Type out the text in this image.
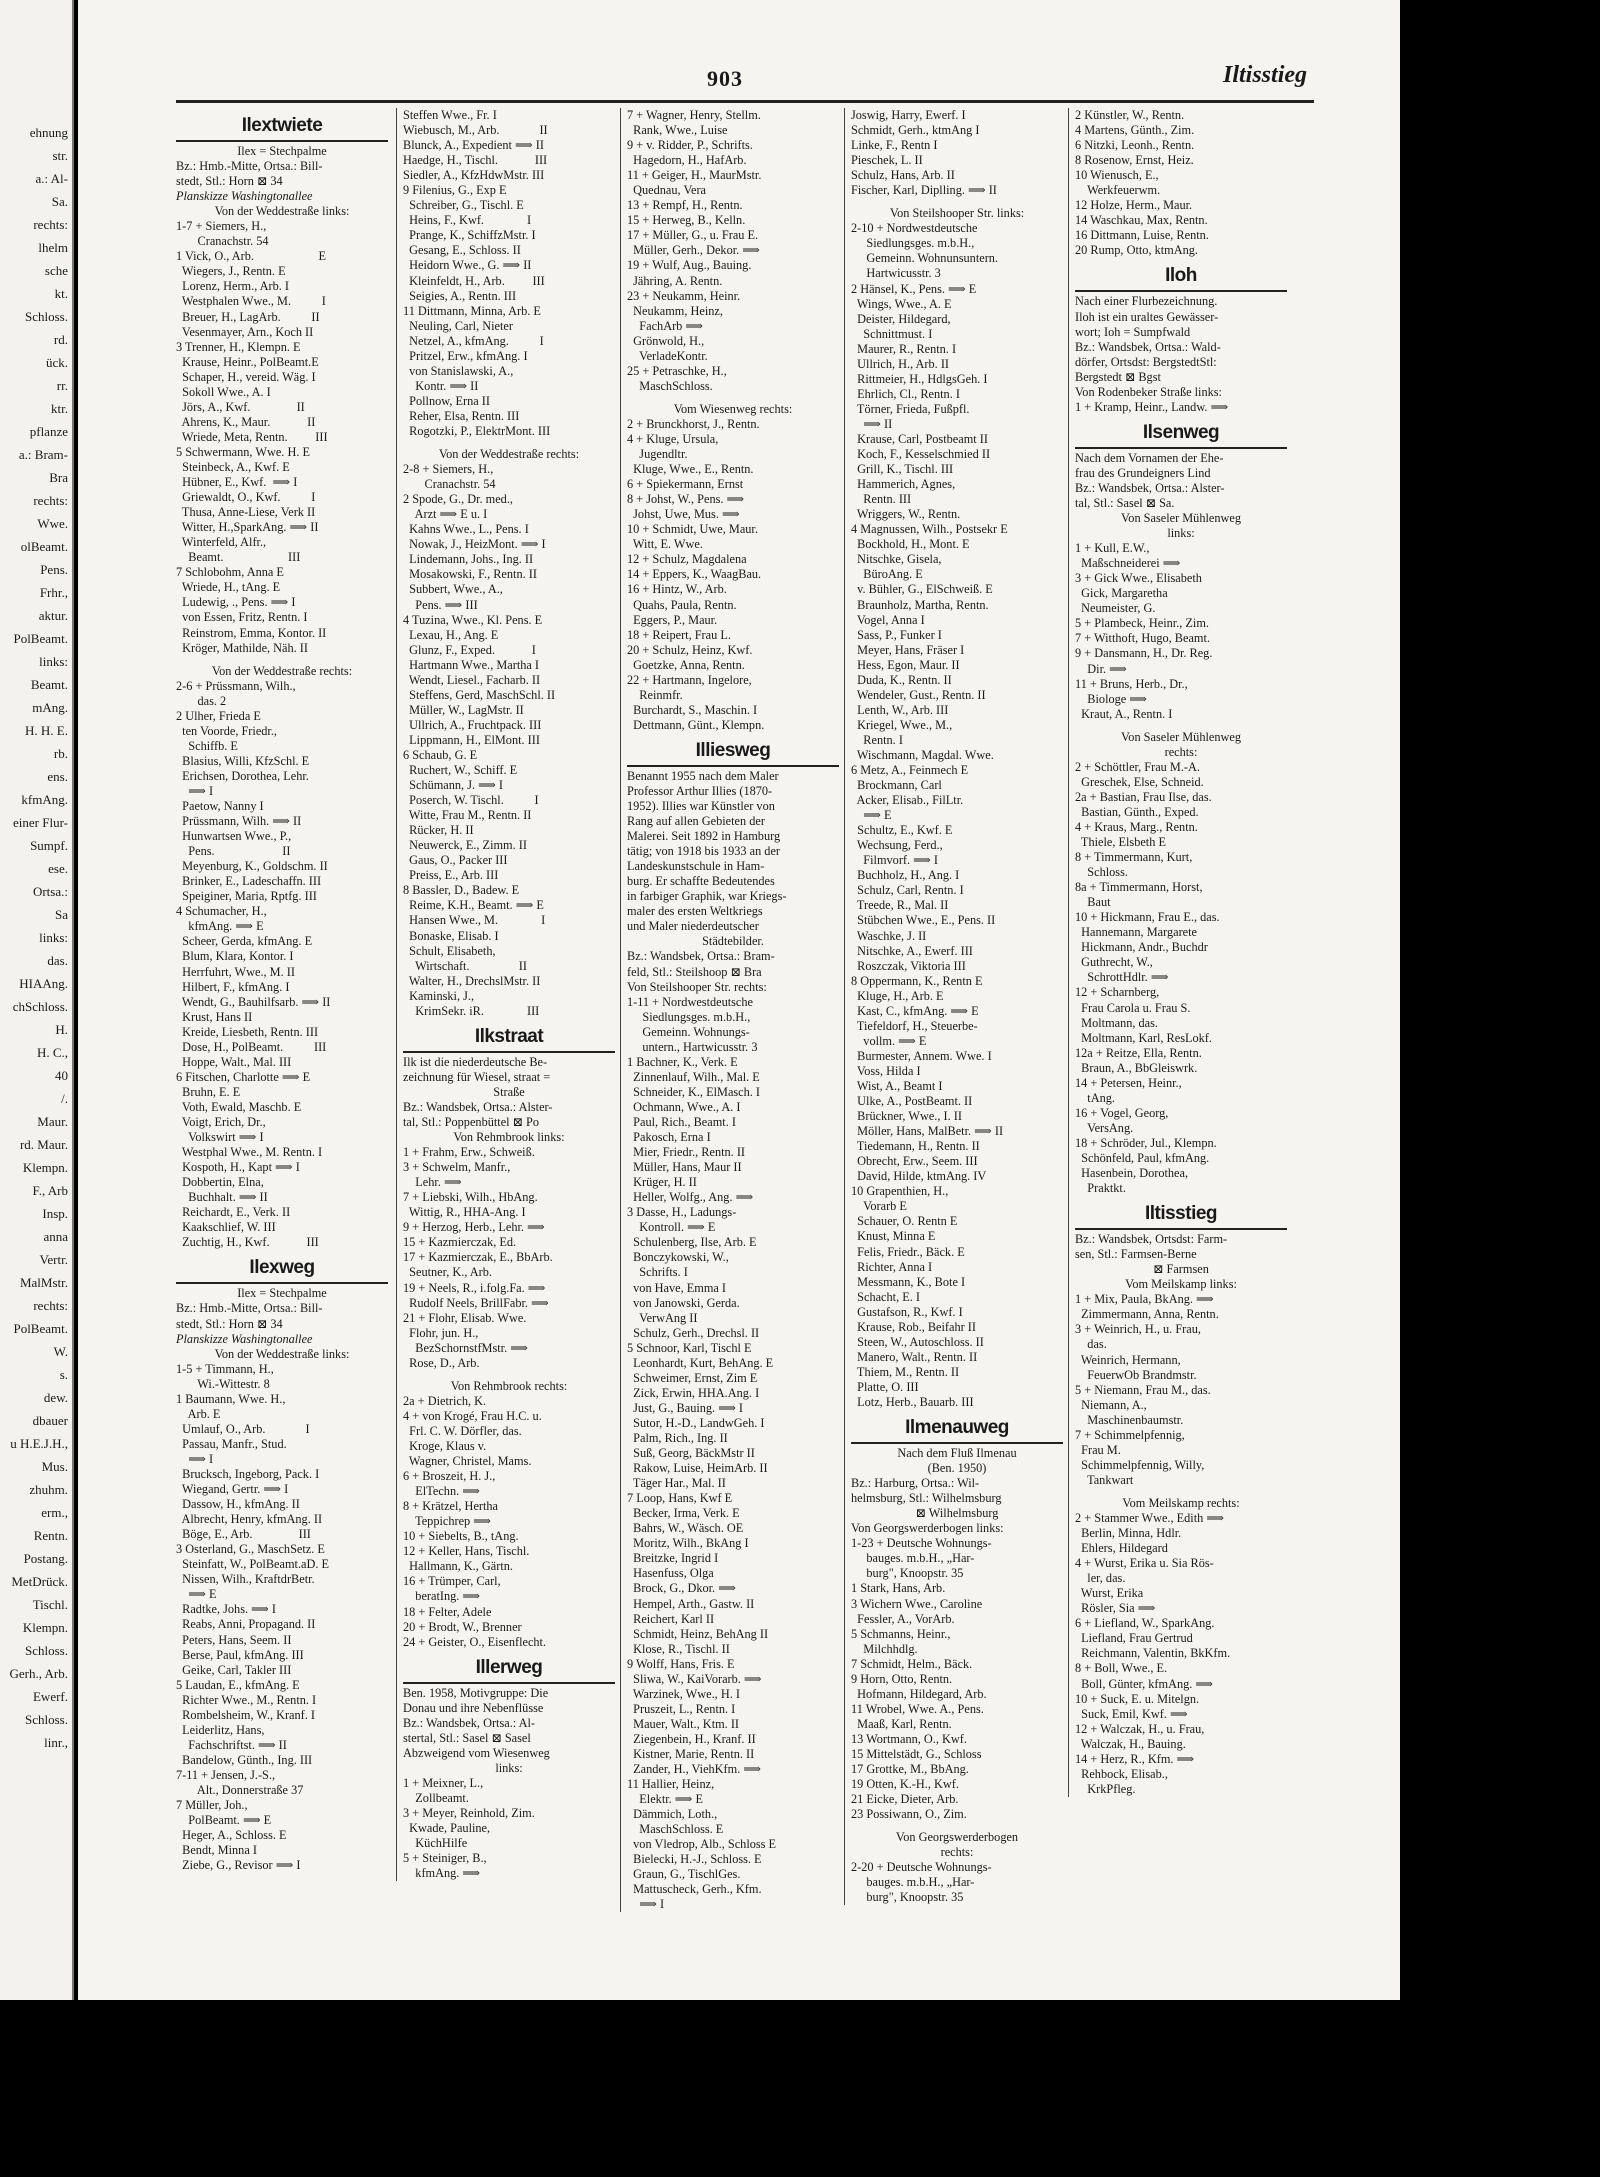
ehnung
str.
a.: Al-
Sa.
rechts:
lhelm
sche
kt.
Schloss.
rd.
ück.
rr.
ktr.
pflanze
a.: Bram-
Bra
rechts:
Wwe.
olBeamt.
Pens.
Frhr.,
aktur.
PolBeamt.
links:
Beamt.
mAng.
H. H. E.
rb.
ens.
kfmAng.
einer Flur-
Sumpf.
ese.
Ortsa.:
Sa
links:
das.
HIAAng.
chSchloss.
H.
H. C.,
40
/.
Maur.
rd. Maur.
Klempn.
F., Arb
Insp.
anna
Vertr.
MalMstr.
rechts:
PolBeamt.
W.
s.
dew.
dbauer
u H.E.J.H.,
Mus.
zhuhm.
erm.,
Rentn.
Postang.
MetDrück.
Tischl.
Klempn.
Schloss.
Gerh., Arb.
Ewerf.
Schloss.
linr.,
903	Iltisstieg
Ilextwiete
Ilex = Stechpalme
Bz.: Hmb.-Mitte, Ortsa.: Bill-
stedt, Stl.: Horn ⊠ 34
Planskizze Washingtonallee
Von der Weddestraße links:
1-7 + Siemers, H.,
Cranachstr. 54
1 Vick, O., Arb.                     E
Wiegers, J., Rentn. E
Lorenz, Herm., Arb. I
Westphalen Wwe., M.          I
Breuer, H., LagArb.          II
Vesenmayer, Arn., Koch II
3 Trenner, H., Klempn. E
Krause, Heinr., PolBeamt.E
Schaper, H., vereid. Wäg. I
Sokoll Wwe., A. I
Jörs, A., Kwf.               II
Ahrens, K., Maur.            II
Wriede, Meta, Rentn.         III
5 Schwermann, Wwe. H. E
Steinbeck, A., Kwf. E
Hübner, E., Kwf.  ⟹ I
Griewaldt, O., Kwf.          I
Thusa, Anne-Liese, Verk II
Witter, H.,SparkAng. ⟹ II
Winterfeld, Alfr.,
Beamt.                     III
7 Schlobohm, Anna E
Wriede, H., tAng. E
Ludewig, ., Pens. ⟹ I
von Essen, Fritz, Rentn. I
Reinstrom, Emma, Kontor. II
Kröger, Mathilde, Näh. II
Von der Weddestraße rechts:
2-6 + Prüssmann, Wilh.,
das. 2
2 Ulher, Frieda E
ten Voorde, Friedr.,
Schiffb. E
Blasius, Willi, KfzSchl. E
Erichsen, Dorothea, Lehr.
⟹ I
Paetow, Nanny I
Prüssmann, Wilh. ⟹ II
Hunwartsen Wwe., P.,
Pens.                      II
Meyenburg, K., Goldschm. II
Brinker, E., Ladeschaffn. III
Speiginer, Maria, Rptfg. III
4 Schumacher, H.,
kfmAng. ⟹ E
Scheer, Gerda, kfmAng. E
Blum, Klara, Kontor. I
Herrfuhrt, Wwe., M. II
Hilbert, F., kfmAng. I
Wendt, G., Bauhilfsarb. ⟹ II
Krust, Hans II
Kreide, Liesbeth, Rentn. III
Dose, H., PolBeamt.          III
Hoppe, Walt., Mal. III
6 Fitschen, Charlotte ⟹ E
Bruhn, E. E
Voth, Ewald, Maschb. E
Voigt, Erich, Dr.,
Volkswirt ⟹ I
Westphal Wwe., M. Rentn. I
Kospoth, H., Kapt ⟹ I
Dobbertin, Elna,
Buchhalt. ⟹ II
Reichardt, E., Verk. II
Kaakschlief, W. III
Zuchtig, H., Kwf.            III
Ilexweg
Ilex = Stechpalme
Bz.: Hmb.-Mitte, Ortsa.: Bill-
stedt, Stl.: Horn ⊠ 34
Planskizze Washingtonallee
Von der Weddestraße links:
1-5 + Timmann, H.,
Wi.-Wittestr. 8
1 Baumann, Wwe. H.,
Arb. E
Umlauf, O., Arb.             I
Passau, Manfr., Stud.
⟹ I
Brucksch, Ingeborg, Pack. I
Wiegand, Gertr. ⟹ I
Dassow, H., kfmAng. II
Albrecht, Henry, kfmAng. II
Böge, E., Arb.               III
3 Osterland, G., MaschSetz. E
Steinfatt, W., PolBeamt.aD. E
Nissen, Wilh., KraftdrBetr.
⟹ E
Radtke, Johs. ⟹ I
Reabs, Anni, Propagand. II
Peters, Hans, Seem. II
Berse, Paul, kfmAng. III
Geike, Carl, Takler III
5 Laudan, E., kfmAng. E
Richter Wwe., M., Rentn. I
Rombelsheim, W., Kranf. I
Leiderlitz, Hans,
Fachschriftst. ⟹ II
Bandelow, Günth., Ing. III
7-11 + Jensen, J.-S.,
Alt., Donnerstraße 37
7 Müller, Joh.,
PolBeamt. ⟹ E
Heger, A., Schloss. E
Bendt, Minna I
Ziebe, G., Revisor ⟹ I
Steffen Wwe., Fr. I
Wiebusch, M., Arb.             II
Blunck, A., Expedient ⟹ II
Haedge, H., Tischl.            III
Siedler, A., KfzHdwMstr. III
9 Filenius, G., Exp E
Schreiber, G., Tischl. E
Heins, F., Kwf.              I
Prange, K., SchiffzMstr. I
Gesang, E., Schloss. II
Heidorn Wwe., G. ⟹ II
Kleinfeldt, H., Arb.         III
Seigies, A., Rentn. III
11 Dittmann, Minna, Arb. E
Neuling, Carl, Nieter
Netzel, A., kfmAng.          I
Pritzel, Erw., kfmAng. I
von Stanislawski, A.,
Kontr. ⟹ II
Pollnow, Erna II
Reher, Elsa, Rentn. III
Rogotzki, P., ElektrMont. III
Von der Weddestraße rechts:
2-8 + Siemers, H.,
Cranachstr. 54
2 Spode, G., Dr. med.,
Arzt ⟹ E u. I
Kahns Wwe., L., Pens. I
Nowak, J., HeizMont. ⟹ I
Lindemann, Johs., Ing. II
Mosakowski, F., Rentn. II
Subbert, Wwe., A.,
Pens. ⟹ III
4 Tuzina, Wwe., Kl. Pens. E
Lexau, H., Ang. E
Glunz, F., Exped.            I
Hartmann Wwe., Martha I
Wendt, Liesel., Facharb. II
Steffens, Gerd, MaschSchl. II
Müller, W., LagMstr. II
Ullrich, A., Fruchtpack. III
Lippmann, H., ElMont. III
6 Schaub, G. E
Ruchert, W., Schiff. E
Schümann, J. ⟹ I
Poserch, W. Tischl.          I
Witte, Frau M., Rentn. II
Rücker, H. II
Neuwerck, E., Zimm. II
Gaus, O., Packer III
Preiss, E., Arb. III
8 Bassler, D., Badew. E
Reime, K.H., Beamt. ⟹ E
Hansen Wwe., M.              I
Bonaske, Elisab. I
Schult, Elisabeth,
Wirtschaft.                II
Walter, H., DrechslMstr. II
Kaminski, J.,
KrimSekr. iR.              III
Ilkstraat
Ilk ist die niederdeutsche Be-
zeichnung für Wiesel, straat =
Straße
Bz.: Wandsbek, Ortsa.: Alster-
tal, Stl.: Poppenbüttel ⊠ Po
Von Rehmbrook links:
1 + Frahm, Erw., Schweiß.
3 + Schwelm, Manfr.,
Lehr. ⟹
7 + Liebski, Wilh., HbAng.
Wittig, R., HHA-Ang. I
9 + Herzog, Herb., Lehr. ⟹
15 + Kazmierczak, Ed.
17 + Kazmierczak, E., BbArb.
Seutner, K., Arb.
19 + Neels, R., i.folg.Fa. ⟹
Rudolf Neels, BrillFabr. ⟹
21 + Flohr, Elisab. Wwe.
Flohr, jun. H.,
BezSchornstfMstr. ⟹
Rose, D., Arb.
Von Rehmbrook rechts:
2a + Dietrich, K.
4 + von Krogé, Frau H.C. u.
Frl. C. W. Dörfler, das.
Kroge, Klaus v.
Wagner, Christel, Mams.
6 + Broszeit, H. J.,
ElTechn. ⟹
8 + Krätzel, Hertha
Teppichrep ⟹
10 + Siebelts, B., tAng.
12 + Keller, Hans, Tischl.
Hallmann, K., Gärtn.
16 + Trümper, Carl,
beratIng. ⟹
18 + Felter, Adele
20 + Brodt, W., Brenner
24 + Geister, O., Eisenflecht.
Illerweg
Ben. 1958, Motivgruppe: Die
Donau und ihre Nebenflüsse
Bz.: Wandsbek, Ortsa.: Al-
stertal, Stl.: Sasel ⊠ Sasel
Abzweigend vom Wiesenweg
links:
1 + Meixner, L.,
Zollbeamt.
3 + Meyer, Reinhold, Zim.
Kwade, Pauline,
KüchHilfe
5 + Steiniger, B.,
kfmAng. ⟹
7 + Wagner, Henry, Stellm.
Rank, Wwe., Luise
9 + v. Ridder, P., Schrifts.
Hagedorn, H., HafArb.
11 + Geiger, H., MaurMstr.
Quednau, Vera
13 + Rempf, H., Rentn.
15 + Herweg, B., Kelln.
17 + Müller, G., u. Frau E.
Müller, Gerh., Dekor. ⟹
19 + Wulf, Aug., Bauing.
Jähring, A. Rentn.
23 + Neukamm, Heinr.
Neukamm, Heinz,
FachArb ⟹
Grönwold, H.,
VerladeKontr.
25 + Petraschke, H.,
MaschSchloss.
Vom Wiesenweg rechts:
2 + Brunckhorst, J., Rentn.
4 + Kluge, Ursula,
Jugendltr.
Kluge, Wwe., E., Rentn.
6 + Spiekermann, Ernst
8 + Johst, W., Pens. ⟹
Johst, Uwe, Mus. ⟹
10 + Schmidt, Uwe, Maur.
Witt, E. Wwe.
12 + Schulz, Magdalena
14 + Eppers, K., WaagBau.
16 + Hintz, W., Arb.
Quahs, Paula, Rentn.
Eggers, P., Maur.
18 + Reipert, Frau L.
20 + Schulz, Heinz, Kwf.
Goetzke, Anna, Rentn.
22 + Hartmann, Ingelore,
Reinmfr.
Burchardt, S., Maschin. I
Dettmann, Günt., Klempn.
Illiesweg
Benannt 1955 nach dem Maler
Professor Arthur Illies (1870-
1952). Illies war Künstler von
Rang auf allen Gebieten der
Malerei. Seit 1892 in Hamburg
tätig; von 1918 bis 1933 an der
Landeskunstschule in Ham-
burg. Er schaffte Bedeutendes
in farbiger Graphik, war Kriegs-
maler des ersten Weltkriegs
und Maler niederdeutscher
Städtebilder.
Bz.: Wandsbek, Ortsa.: Bram-
feld, Stl.: Steilshoop ⊠ Bra
Von Steilshooper Str. rechts:
1-11 + Nordwestdeutsche
Siedlungsges. m.b.H.,
Gemeinn. Wohnungs-
untern., Hartwicusstr. 3
1 Bachner, K., Verk. E
Zinnenlauf, Wilh., Mal. E
Schneider, K., ElMasch. I
Ochmann, Wwe., A. I
Paul, Rich., Beamt. I
Pakosch, Erna I
Mier, Friedr., Rentn. II
Müller, Hans, Maur II
Krüger, H. II
Heller, Wolfg., Ang. ⟹
3 Dasse, H., Ladungs-
Kontroll. ⟹ E
Schulenberg, Ilse, Arb. E
Bonczykowski, W.,
Schrifts. I
von Have, Emma I
von Janowski, Gerda.
VerwAng II
Schulz, Gerh., Drechsl. II
5 Schnoor, Karl, Tischl E
Leonhardt, Kurt, BehAng. E
Schweimer, Ernst, Zim E
Zick, Erwin, HHA.Ang. I
Just, G., Bauing. ⟹ I
Sutor, H.-D., LandwGeh. I
Palm, Rich., Ing. II
Suß, Georg, BäckMstr II
Rakow, Luise, HeimArb. II
Täger Har., Mal. II
7 Loop, Hans, Kwf E
Becker, Irma, Verk. E
Bahrs, W., Wäsch. OE
Moritz, Wilh., BkAng I
Breitzke, Ingrid I
Hasenfuss, Olga
Brock, G., Dkor. ⟹
Hempel, Arth., Gastw. II
Reichert, Karl II
Schmidt, Heinz, BehAng II
Klose, R., Tischl. II
9 Wolff, Hans, Fris. E
Sliwa, W., KaiVorarb. ⟹
Warzinek, Wwe., H. I
Pruszeit, L., Rentn. I
Mauer, Walt., Ktm. II
Ziegenbein, H., Kranf. II
Kistner, Marie, Rentn. II
Zander, H., ViehKfm. ⟹
11 Hallier, Heinz,
Elektr. ⟹ E
Dämmich, Loth.,
MaschSchloss. E
von Vledrop, Alb., Schloss E
Bielecki, H.-J., Schloss. E
Graun, G., TischlGes.
Mattuscheck, Gerh., Kfm.
⟹ I
Joswig, Harry, Ewerf. I
Schmidt, Gerh., ktmAng I
Linke, F., Rentn I
Pieschek, L. II
Schulz, Hans, Arb. II
Fischer, Karl, Diplling. ⟹ II
Von Steilshooper Str. links:
2-10 + Nordwestdeutsche
Siedlungsges. m.b.H.,
Gemeinn. Wohnunsuntern.
Hartwicusstr. 3
2 Hänsel, K., Pens. ⟹ E
Wings, Wwe., A. E
Deister, Hildegard,
Schnittmust. I
Maurer, R., Rentn. I
Ullrich, H., Arb. II
Rittmeier, H., HdlgsGeh. I
Ehrlich, Cl., Rentn. I
Törner, Frieda, Fußpfl.
⟹ II
Krause, Carl, Postbeamt II
Koch, F., Kesselschmied II
Grill, K., Tischl. III
Hammerich, Agnes,
Rentn. III
Wriggers, W., Rentn.
4 Magnussen, Wilh., Postsekr E
Bockhold, H., Mont. E
Nitschke, Gisela,
BüroAng. E
v. Bühler, G., ElSchweiß. E
Braunholz, Martha, Rentn.
Vogel, Anna I
Sass, P., Funker I
Meyer, Hans, Fräser I
Hess, Egon, Maur. II
Duda, K., Rentn. II
Wendeler, Gust., Rentn. II
Lenth, W., Arb. III
Kriegel, Wwe., M.,
Rentn. I
Wischmann, Magdal. Wwe.
6 Metz, A., Feinmech E
Brockmann, Carl
Acker, Elisab., FilLtr.
⟹ E
Schultz, E., Kwf. E
Wechsung, Ferd.,
Filmvorf. ⟹ I
Buchholz, H., Ang. I
Schulz, Carl, Rentn. I
Treede, R., Mal. II
Stübchen Wwe., E., Pens. II
Waschke, J. II
Nitschke, A., Ewerf. III
Roszczak, Viktoria III
8 Oppermann, K., Rentn E
Kluge, H., Arb. E
Kast, C., kfmAng. ⟹ E
Tiefeldorf, H., Steuerbe-
vollm. ⟹ E
Burmester, Annem. Wwe. I
Voss, Hilda I
Wist, A., Beamt I
Ulke, A., PostBeamt. II
Brückner, Wwe., I. II
Möller, Hans, MalBetr. ⟹ II
Tiedemann, H., Rentn. II
Obrecht, Erw., Seem. III
David, Hilde, ktmAng. IV
10 Grapenthien, H.,
Vorarb E
Schauer, O. Rentn E
Knust, Minna E
Felis, Friedr., Bäck. E
Richter, Anna I
Messmann, K., Bote I
Schacht, E. I
Gustafson, R., Kwf. I
Krause, Rob., Beifahr II
Steen, W., Autoschloss. II
Manero, Walt., Rentn. II
Thiem, M., Rentn. II
Platte, O. III
Lotz, Herb., Bauarb. III
Ilmenauweg
Nach dem Fluß Ilmenau
(Ben. 1950)
Bz.: Harburg, Ortsa.: Wil-
helmsburg, Stl.: Wilhelmsburg
⊠ Wilhelmsburg
Von Georgswerderbogen links:
1-23 + Deutsche Wohnungs-
bauges. m.b.H., „Har-
burg", Knoopstr. 35
1 Stark, Hans, Arb.
3 Wichern Wwe., Caroline
Fessler, A., VorArb.
5 Schmanns, Heinr.,
Milchhdlg.
7 Schmidt, Helm., Bäck.
9 Horn, Otto, Rentn.
Hofmann, Hildegard, Arb.
11 Wrobel, Wwe. A., Pens.
Maaß, Karl, Rentn.
13 Wortmann, O., Kwf.
15 Mittelstädt, G., Schloss
17 Grottke, M., BbAng.
19 Otten, K.-H., Kwf.
21 Eicke, Dieter, Arb.
23 Possiwann, O., Zim.
Von Georgswerderbogen
rechts:
2-20 + Deutsche Wohnungs-
bauges. m.b.H., „Har-
burg", Knoopstr. 35
2 Künstler, W., Rentn.
4 Martens, Günth., Zim.
6 Nitzki, Leonh., Rentn.
8 Rosenow, Ernst, Heiz.
10 Wienusch, E.,
Werkfeuerwm.
12 Holze, Herm., Maur.
14 Waschkau, Max, Rentn.
16 Dittmann, Luise, Rentn.
20 Rump, Otto, ktmAng.
Iloh
Nach einer Flurbezeichnung.
Iloh ist ein uraltes Gewässer-
wort; Ioh = Sumpfwald
Bz.: Wandsbek, Ortsa.: Wald-
dörfer, Ortsdst: BergstedtStl:
Bergstedt ⊠ Bgst
Von Rodenbeker Straße links:
1 + Kramp, Heinr., Landw. ⟹
Ilsenweg
Nach dem Vornamen der Ehe-
frau des Grundeigners Lind
Bz.: Wandsbek, Ortsa.: Alster-
tal, Stl.: Sasel ⊠ Sa.
Von Saseler Mühlenweg
links:
1 + Kull, E.W.,
Maßschneiderei ⟹
3 + Gick Wwe., Elisabeth
Gick, Margaretha
Neumeister, G.
5 + Plambeck, Heinr., Zim.
7 + Witthoft, Hugo, Beamt.
9 + Dansmann, H., Dr. Reg.
Dir. ⟹
11 + Bruns, Herb., Dr.,
Biologe ⟹
Kraut, A., Rentn. I
Von Saseler Mühlenweg
rechts:
2 + Schöttler, Frau M.-A.
Greschek, Else, Schneid.
2a + Bastian, Frau Ilse, das.
Bastian, Günth., Exped.
4 + Kraus, Marg., Rentn.
Thiele, Elsbeth E
8 + Timmermann, Kurt,
Schloss.
8a + Timmermann, Horst,
Baut
10 + Hickmann, Frau E., das.
Hannemann, Margarete
Hickmann, Andr., Buchdr
Guthrecht, W.,
SchrottHdlr. ⟹
12 + Scharnberg,
Frau Carola u. Frau S.
Moltmann, das.
Moltmann, Karl, ResLokf.
12a + Reitze, Ella, Rentn.
Braun, A., BbGleiswrk.
14 + Petersen, Heinr.,
tAng.
16 + Vogel, Georg,
VersAng.
18 + Schröder, Jul., Klempn.
Schönfeld, Paul, kfmAng.
Hasenbein, Dorothea,
Praktkt.
Iltisstieg
Bz.: Wandsbek, Ortsdst: Farm-
sen, Stl.: Farmsen-Berne
⊠ Farmsen
Vom Meilskamp links:
1 + Mix, Paula, BkAng. ⟹
Zimmermann, Anna, Rentn.
3 + Weinrich, H., u. Frau,
das.
Weinrich, Hermann,
FeuerwOb Brandmstr.
5 + Niemann, Frau M., das.
Niemann, A.,
Maschinenbaumstr.
7 + Schimmelpfennig,
Frau M.
Schimmelpfennig, Willy,
Tankwart
Vom Meilskamp rechts:
2 + Stammer Wwe., Edith ⟹
Berlin, Minna, Hdlr.
Ehlers, Hildegard
4 + Wurst, Erika u. Sia Rös-
ler, das.
Wurst, Erika
Rösler, Sia ⟹
6 + Liefland, W., SparkAng.
Liefland, Frau Gertrud
Reichmann, Valentin, BkKfm.
8 + Boll, Wwe., E.
Boll, Günter, kfmAng. ⟹
10 + Suck, E. u. Mitelgn.
Suck, Emil, Kwf. ⟹
12 + Walczak, H., u. Frau,
Walczak, H., Bauing.
14 + Herz, R., Kfm. ⟹
Rehbock, Elisab.,
KrkPfleg.
